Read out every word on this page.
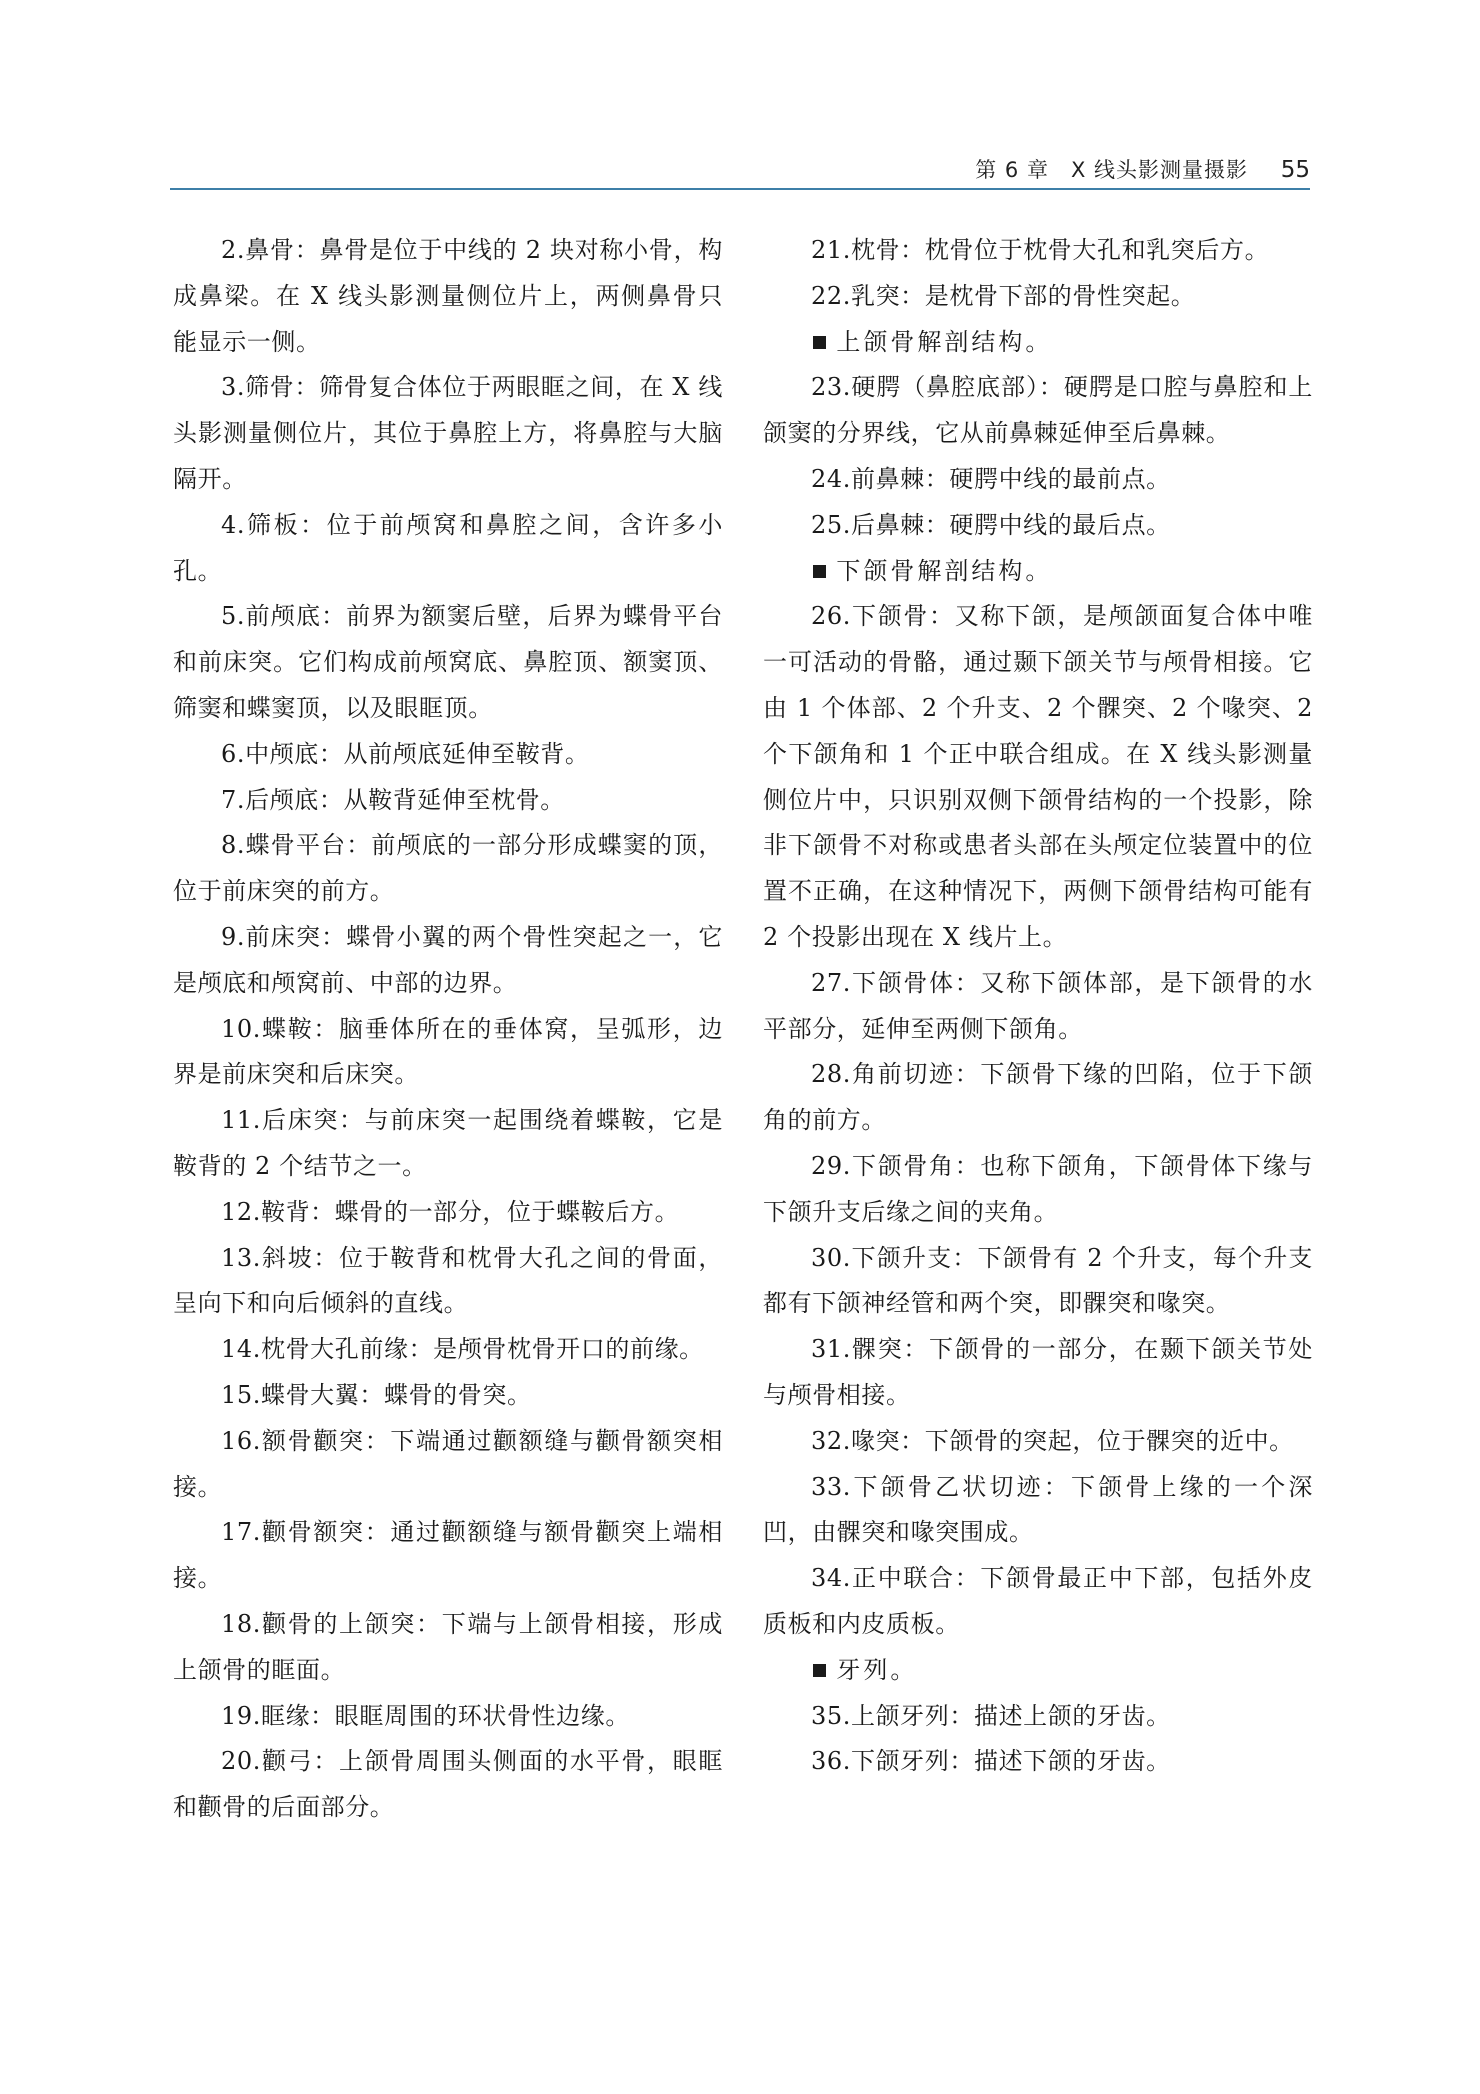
第 6 章　X 线头影测量摄影 55

2.鼻骨：鼻骨是位于中线的 2 块对称小骨，构成鼻梁。在 X 线头影测量侧位片上，两侧鼻骨只能显示一侧。

3.筛骨：筛骨复合体位于两眼眶之间，在 X 线头影测量侧位片，其位于鼻腔上方，将鼻腔与大脑隔开。

4.筛板：位于前颅窝和鼻腔之间，含许多小孔。

5.前颅底：前界为额窦后壁，后界为蝶骨平台和前床突。它们构成前颅窝底、鼻腔顶、额窦顶、筛窦和蝶窦顶，以及眼眶顶。

6.中颅底：从前颅底延伸至鞍背。

7.后颅底：从鞍背延伸至枕骨。

8.蝶骨平台：前颅底的一部分形成蝶窦的顶，位于前床突的前方。

9.前床突：蝶骨小翼的两个骨性突起之一，它是颅底和颅窝前、中部的边界。

10.蝶鞍：脑垂体所在的垂体窝，呈弧形，边界是前床突和后床突。

11.后床突：与前床突一起围绕着蝶鞍，它是鞍背的 2 个结节之一。

12.鞍背：蝶骨的一部分，位于蝶鞍后方。

13.斜坡：位于鞍背和枕骨大孔之间的骨面，呈向下和向后倾斜的直线。

14.枕骨大孔前缘：是颅骨枕骨开口的前缘。

15.蝶骨大翼：蝶骨的骨突。

16.额骨颧突：下端通过颧额缝与颧骨额突相接。

17.颧骨额突：通过颧额缝与额骨颧突上端相接。

18.颧骨的上颌突：下端与上颌骨相接，形成上颌骨的眶面。

19.眶缘：眼眶周围的环状骨性边缘。

20.颧弓：上颌骨周围头侧面的水平骨，眼眶和颧骨的后面部分。

21.枕骨：枕骨位于枕骨大孔和乳突后方。

22.乳突：是枕骨下部的骨性突起。

上颌骨解剖结构。

23.硬腭（鼻腔底部）：硬腭是口腔与鼻腔和上颌窦的分界线，它从前鼻棘延伸至后鼻棘。

24.前鼻棘：硬腭中线的最前点。

25.后鼻棘：硬腭中线的最后点。

下颌骨解剖结构。

26.下颌骨：又称下颌，是颅颌面复合体中唯一可活动的骨骼，通过颞下颌关节与颅骨相接。它由 1 个体部、2 个升支、2 个髁突、2 个喙突、2 个下颌角和 1 个正中联合组成。在 X 线头影测量侧位片中，只识别双侧下颌骨结构的一个投影，除非下颌骨不对称或患者头部在头颅定位装置中的位置不正确，在这种情况下，两侧下颌骨结构可能有 2 个投影出现在 X 线片上。

27.下颌骨体：又称下颌体部，是下颌骨的水平部分，延伸至两侧下颌角。

28.角前切迹：下颌骨下缘的凹陷，位于下颌角的前方。

29.下颌骨角：也称下颌角，下颌骨体下缘与下颌升支后缘之间的夹角。

30.下颌升支：下颌骨有 2 个升支，每个升支都有下颌神经管和两个突，即髁突和喙突。

31.髁突：下颌骨的一部分，在颞下颌关节处与颅骨相接。

32.喙突：下颌骨的突起，位于髁突的近中。

33.下颌骨乙状切迹：下颌骨上缘的一个深凹，由髁突和喙突围成。

34.正中联合：下颌骨最正中下部，包括外皮质板和内皮质板。

牙列。

35.上颌牙列：描述上颌的牙齿。

36.下颌牙列：描述下颌的牙齿。
